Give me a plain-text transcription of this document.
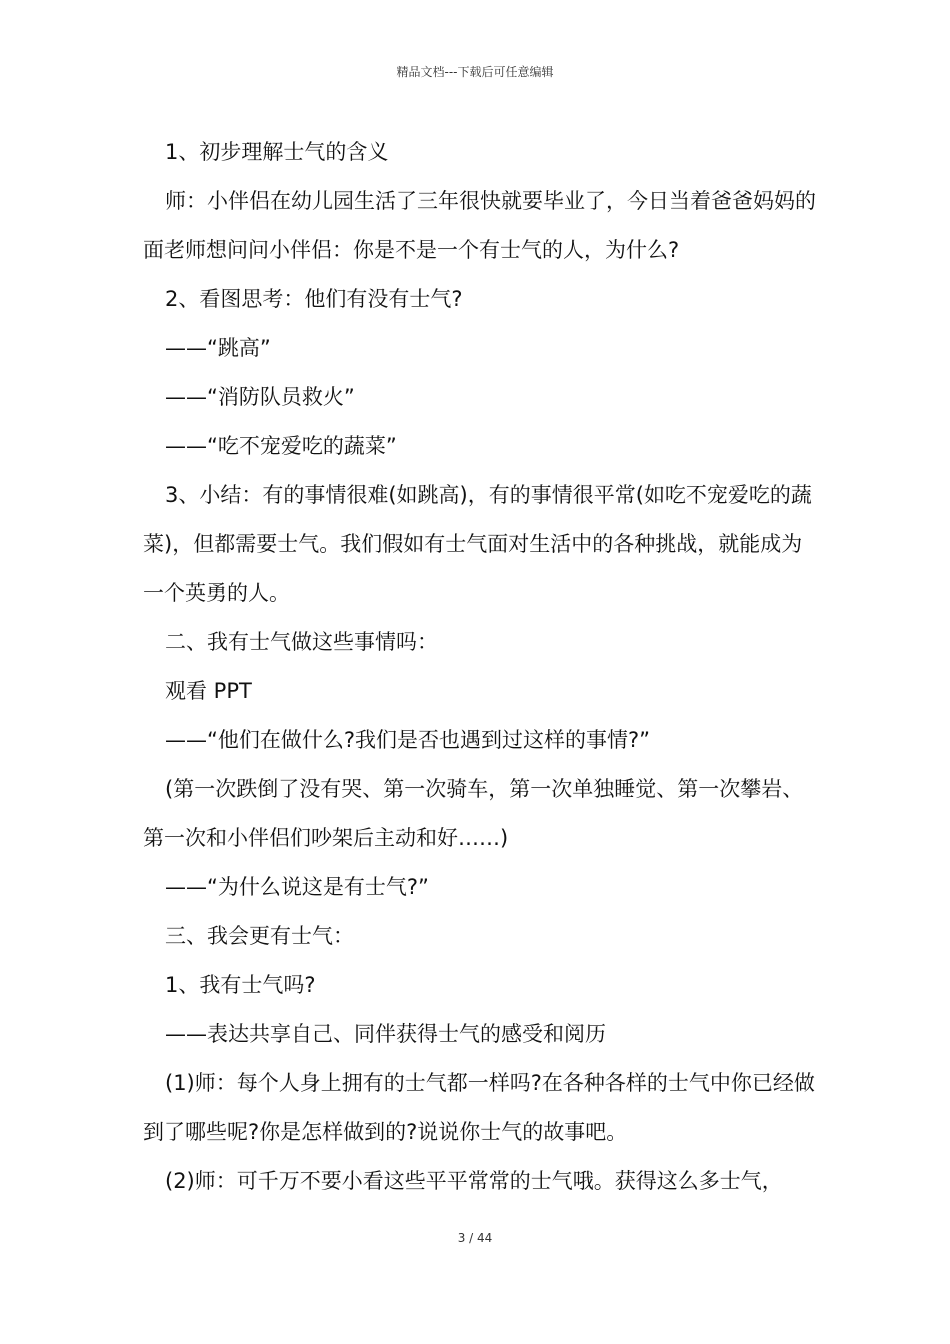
精品文档---下载后可任意编辑

1、初步理解士气的含义

师：小伴侣在幼儿园生活了三年很快就要毕业了，今日当着爸爸妈妈的面老师想问问小伴侣：你是不是一个有士气的人，为什么?

2、看图思考：他们有没有士气?

——“跳高”

——“消防队员救火”

——“吃不宠爱吃的蔬菜”

3、小结：有的事情很难(如跳高)，有的事情很平常(如吃不宠爱吃的蔬菜)，但都需要士气。我们假如有士气面对生活中的各种挑战，就能成为一个英勇的人。

二、我有士气做这些事情吗：

观看 PPT

——“他们在做什么?我们是否也遇到过这样的事情?”

(第一次跌倒了没有哭、第一次骑车，第一次单独睡觉、第一次攀岩、第一次和小伴侣们吵架后主动和好……)

——“为什么说这是有士气?”

三、我会更有士气：

1、我有士气吗?

——表达共享自己、同伴获得士气的感受和阅历

(1)师：每个人身上拥有的士气都一样吗?在各种各样的士气中你已经做到了哪些呢?你是怎样做到的?说说你士气的故事吧。

(2)师：可千万不要小看这些平平常常的士气哦。获得这么多士气，

3 / 44
